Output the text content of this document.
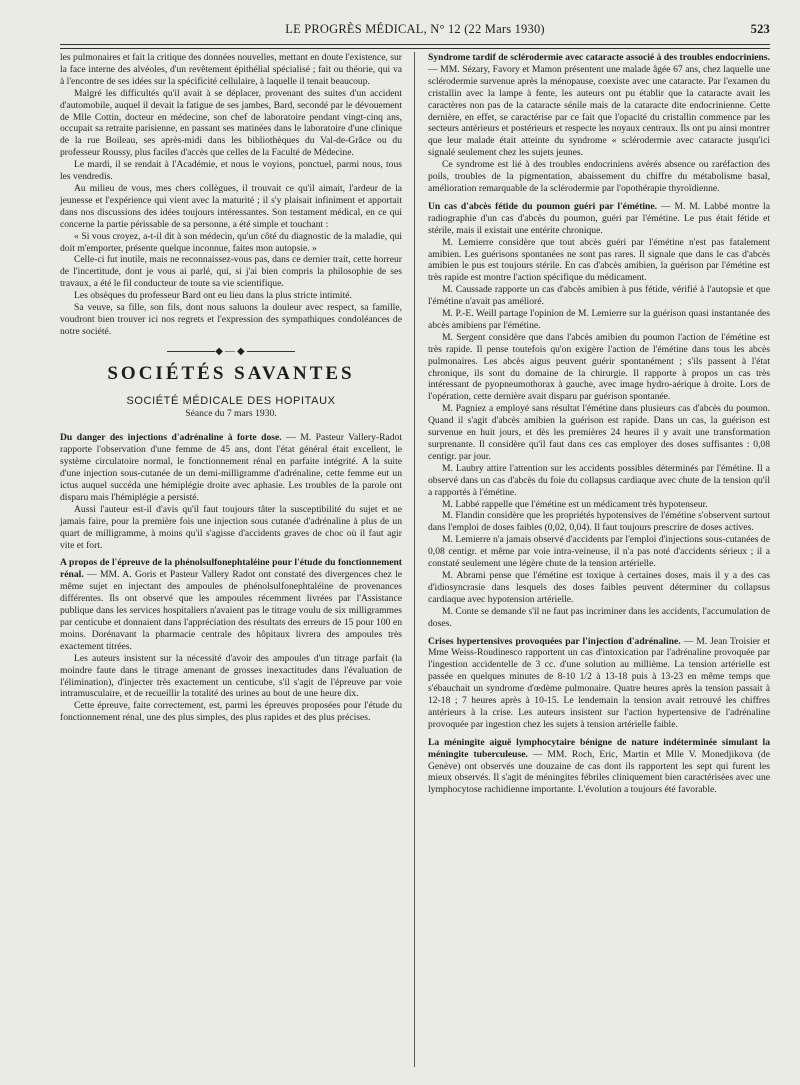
LE PROGRÈS MÉDICAL, N° 12 (22 Mars 1930)	523

les pulmonaires et fait la critique des données nouvelles, mettant en doute l'existence, sur la face interne des alvéoles, d'un revêtement épithélial spécialisé ; fait ou théorie, qui va à l'encontre de ses idées sur la spécificité cellulaire, à laquelle il tenait beaucoup.

Malgré les difficultés qu'il avait à se déplacer, provenant des suites d'un accident d'automobile, auquel il devait la fatigue de ses jambes, Bard, secondé par le dévouement de Mlle Cottin, docteur en médecine, son chef de laboratoire pendant vingt-cinq ans, occupait sa retraite parisienne, en passant ses matinées dans le laboratoire d'une clinique de la rue Boileau, ses après-midi dans les bibliothèques du Val-de-Grâce ou du professeur Roussy, plus faciles d'accès que celles de la Faculté de Médecine.

Le mardi, il se rendait à l'Académie, et nous le voyions, ponctuel, parmi nous, tous les vendredis.

Au milieu de vous, mes chers collègues, il trouvait ce qu'il aimait, l'ardeur de la jeunesse et l'expérience qui vient avec la maturité ; il s'y plaisait infiniment et apportait dans nos discussions des idées toujours intéressantes. Son testament médical, en ce qui concerne la partie périssable de sa personne, a été simple et touchant :

« Si vous croyez, a-t-il dit à son médecin, qu'un côté du diagnostic de la maladie, qui doit m'emporter, présente quelque inconnue, faites mon autopsie. »

Celle-ci fut inutile, mais ne reconnaissez-vous pas, dans ce dernier trait, cette horreur de l'incertitude, dont je vous ai parlé, qui, si j'ai bien compris la philosophie de ses travaux, a été le fil conducteur de toute sa vie scientifique.

Les obsèques du professeur Bard ont eu lieu dans la plus stricte intimité.

Sa veuve, sa fille, son fils, dont nous saluons la douleur avec respect, sa famille, voudront bien trouver ici nos regrets et l'expression des sympathiques condoléances de notre société.

◆—◆
SOCIÉTÉS SAVANTES
SOCIÉTÉ MÉDICALE DES HOPITAUX
Séance du 7 mars 1930.

Du danger des injections d'adrénaline à forte dose. — M. Pasteur Vallery-Radot rapporte l'observation d'une femme de 45 ans, dont l'état général était excellent, le système circulatoire normal, le fonctionnement rénal en parfaite intégrité. A la suite d'une injection sous-cutanée de un demi-milligramme d'adrénaline, cette femme eut un ictus auquel succéda une hémiplégie droite avec aphasie. Les troubles de la parole ont disparu mais l'hémiplégie a persisté.

Aussi l'auteur est-il d'avis qu'il faut toujours tâter la susceptibilité du sujet et ne jamais faire, pour la première fois une injection sous cutanée d'adrénaline à plus de un quart de milligramme, à moins qu'il s'agisse d'accidents graves de choc où il faut agir vite et fort.

A propos de l'épreuve de la phénolsulfonephtaléine pour l'étude du fonctionnement rénal. — MM. A. Goris et Pasteur Vallery Radot ont constaté des divergences chez le même sujet en injectant des ampoules de phénolsulfonephtaléine de provenances différentes. Ils ont observé que les ampoules récemment livrées par l'Assistance publique dans les services hospitaliers n'avaient pas le titrage voulu de six milligrammes par centicube et donnaient dans l'appréciation des résultats des erreurs de 15 pour 100 en moins. Dorénavant la pharmacie centrale des hôpitaux livrera des ampoules très exactement titrées.

Les auteurs insistent sur la nécessité d'avoir des ampoules d'un titrage parfait (la moindre faute dans le titrage amenant de grosses inexactitudes dans l'évaluation de l'élimination), d'injecter très exactement un centicube, s'il s'agit de l'épreuve par voie intramusculaire, et de recueillir la totalité des urines au bout de une heure dix.

Cette épreuve, faite correctement, est, parmi les épreuves proposées pour l'étude du fonctionnement rénal, une des plus simples, des plus rapides et des plus précises.

Syndrome tardif de sclérodermie avec cataracte associé à des troubles endocriniens. — MM. Sézary, Favory et Mamon présentent une malade âgée 67 ans, chez laquelle une sclérodermie survenue après la ménopause, coexiste avec une cataracte. Par l'examen du cristallin avec la lampe à fente, les auteurs ont pu établir que la cataracte avait les caractères non pas de la cataracte sénile mais de la cataracte dite endocrinienne. Cette dernière, en effet, se caractérise par ce fait que l'opacité du cristallin commence par les secteurs antérieurs et postérieurs et respecte les noyaux centraux. Ils ont pu ainsi montrer que leur malade était atteinte du syndrome « sclérodermie avec cataracte jusqu'ici signalé seulement chez les sujets jeunes.

Ce syndrome est lié à des troubles endocriniens avérés absence ou raréfaction des poils, troubles de la pigmentation, abaissement du chiffre du métabolisme basal, amélioration remarquable de la sclérodermie par l'opothérapie thyroïdienne.

Un cas d'abcès fétide du poumon guéri par l'émétine. — M. M. Labbé montre la radiographie d'un cas d'abcès du poumon, guéri par l'émétine. Le pus était fétide et stérile, mais il existait une entérite chronique.

M. Lemierre considère que tout abcès guéri par l'émétine n'est pas fatalement amibien. Les guérisons spontanées ne sont pas rares. Il signale que dans le cas d'abcès amibien le pus est toujours stérile. En cas d'abcès amibien, la guérison par l'émétine est très rapide est montre l'action spécifique du médicament.

M. Caussade rapporte un cas d'abcès amibien à pus fétide, vérifié à l'autopsie et que l'émétine n'avait pas amélioré.

M. P.-E. Weill partage l'opinion de M. Lemierre sur la guérison quasi instantanée des abcès amibiens par l'émétine.

M. Sergent considère que dans l'abcès amibien du poumon l'action de l'émétine est très rapide. Il pense toutefois qu'on exigère l'action de l'émétine dans tous les abcès pulmonaires. Les abcès aigus peuvent guérir spontanément ; s'ils passent à l'état chronique, ils sont du domaine de la chirurgie. Il rapporte à propos un cas très intéressant de pyopneumothorax à gauche, avec image hydro-aérique à droite. Lors de l'opération, cette dernière avait disparu par guérison spontanée.

M. Pagniez a employé sans résultat l'émétine dans plusieurs cas d'abcès du poumon. Quand il s'agit d'abcès amibien la guérison est rapide. Dans un cas, la guérison est survenue en huit jours, et dès les premières 24 heures il y avait une transformation surprenante. Il considère qu'il faut dans ces cas employer des doses suffisantes : 0,08 centigr. par jour.

M. Laubry attire l'attention sur les accidents possibles déterminés par l'émétine. Il a observé dans un cas d'abcès du foie du collapsus cardiaque avec chute de la tension qu'il a rapportés à l'émétine.

M. Labbé rappelle que l'émétine est un médicament très hypotenseur.

M. Flandin considère que les propriétés hypotensives de l'émétine s'observent surtout dans l'emploi de doses faibles (0,02, 0,04). Il faut toujours prescrire de doses actives.

M. Lemierre n'a jamais observé d'accidents par l'emploi d'injections sous-cutanées de 0,08 centigr. et même par voie intra-veineuse, il n'a pas noté d'accidents sérieux ; il a constaté seulement une légère chute de la tension artérielle.

M. Abrami pense que l'émétine est toxique à certaines doses, mais il y a des cas d'idiosyncrasie dans lesquels des doses faibles peuvent déterminer du collapsus cardiaque avec hypotension artérielle.

M. Conte se demande s'il ne faut pas incriminer dans les accidents, l'accumulation de doses.

Crises hypertensives provoquées par l'injection d'adrénaline. — M. Jean Troisier et Mme Weiss-Roudinesco rapportent un cas d'intoxication par l'adrénaline provoquée par l'ingestion accidentelle de 3 cc. d'une solution au millième. La tension artérielle est passée en quelques minutes de 8-10 1/2 à 13-18 puis à 13-23 en même temps que s'ébauchait un syndrome d'œdème pulmonaire. Quatre heures après la tension passait à 12-18 ; 7 heures après à 10-15. Le lendemain la tension avait retrouvé les chiffres antérieurs à la crise. Les auteurs insistent sur l'action hypertensive de l'adrénaline provoquée par ingestion chez les sujets à tension artérielle faible.

La méningite aiguë lymphocytaire bénigne de nature indéterminée simulant la méningite tuberculeuse. — MM. Roch, Eric, Martin et Mlle V. Monedjikova (de Genève) ont observés une douzaine de cas dont ils rapportent les sept qui furent les mieux observés. Il s'agit de méningites fébriles cliniquement bien caractérisées avec une lymphocytose rachidienne importante. L'évolution a toujours été favorable.
